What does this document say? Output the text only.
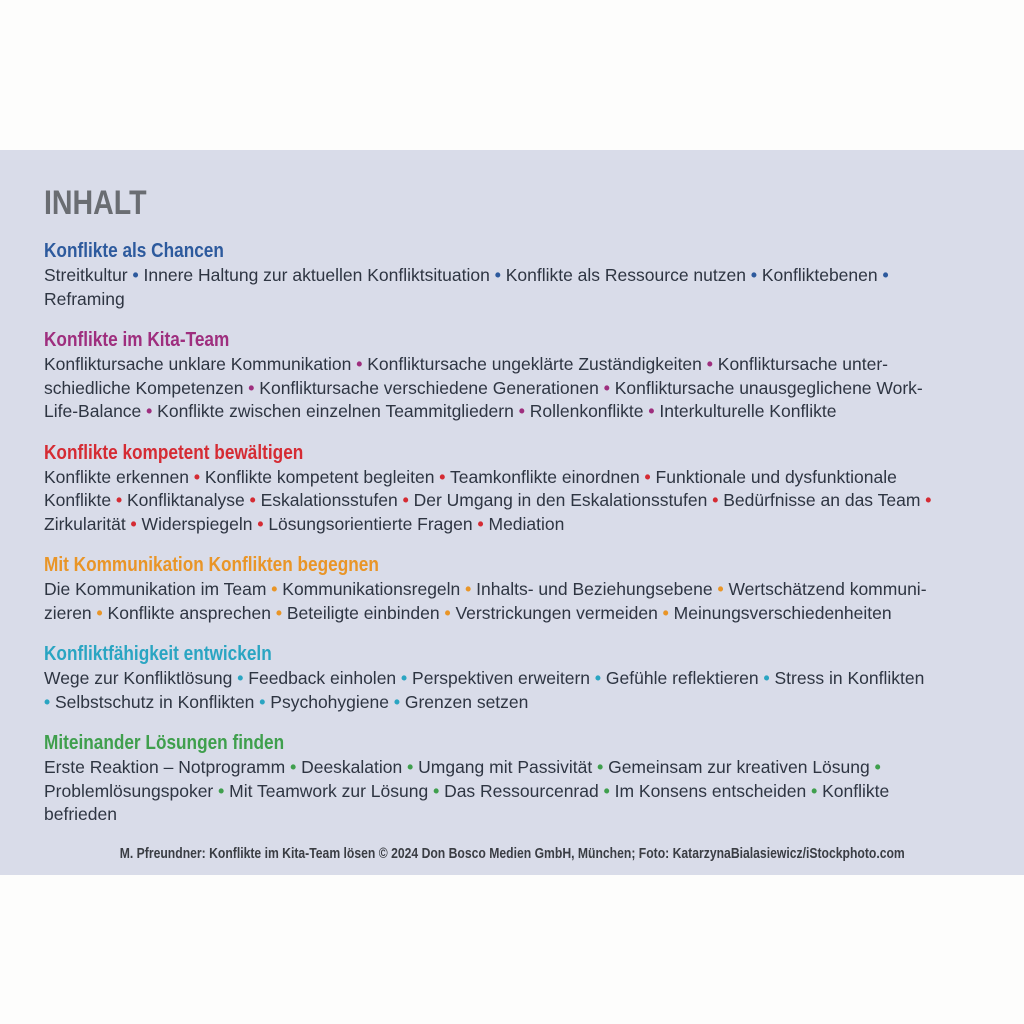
INHALT
Konflikte als Chancen
Streitkultur • Innere Haltung zur aktuellen Konfliktsituation • Konflikte als Ressource nutzen • Konfliktebenen •
Reframing
Konflikte im Kita-Team
Konfliktursache unklare Kommunikation • Konfliktursache ungeklärte Zuständigkeiten • Konfliktursache unter-
schiedliche Kompetenzen • Konfliktursache verschiedene Generationen • Konfliktursache unausgeglichene Work-
Life-Balance • Konflikte zwischen einzelnen Teammitgliedern • Rollenkonflikte • Interkulturelle Konflikte
Konflikte kompetent bewältigen
Konflikte erkennen • Konflikte kompetent begleiten • Teamkonflikte einordnen • Funktionale und dysfunktionale
Konflikte • Konfliktanalyse • Eskalationsstufen • Der Umgang in den Eskalationsstufen • Bedürfnisse an das Team •
Zirkularität • Widerspiegeln • Lösungsorientierte Fragen • Mediation
Mit Kommunikation Konflikten begegnen
Die Kommunikation im Team • Kommunikationsregeln • Inhalts- und Beziehungsebene • Wertschätzend kommuni-
zieren • Konflikte ansprechen • Beteiligte einbinden • Verstrickungen vermeiden • Meinungsverschiedenheiten
Konfliktfähigkeit entwickeln
Wege zur Konfliktlösung • Feedback einholen • Perspektiven erweitern • Gefühle reflektieren • Stress in Konflikten
• Selbstschutz in Konflikten • Psychohygiene • Grenzen setzen
Miteinander Lösungen finden
Erste Reaktion – Notprogramm • Deeskalation • Umgang mit Passivität • Gemeinsam zur kreativen Lösung •
Problemlösungspoker • Mit Teamwork zur Lösung • Das Ressourcenrad • Im Konsens entscheiden • Konflikte
befrieden
M. Pfreundner: Konflikte im Kita-Team lösen © 2024 Don Bosco Medien GmbH, München; Foto: KatarzynaBialasiewicz/iStockphoto.com
